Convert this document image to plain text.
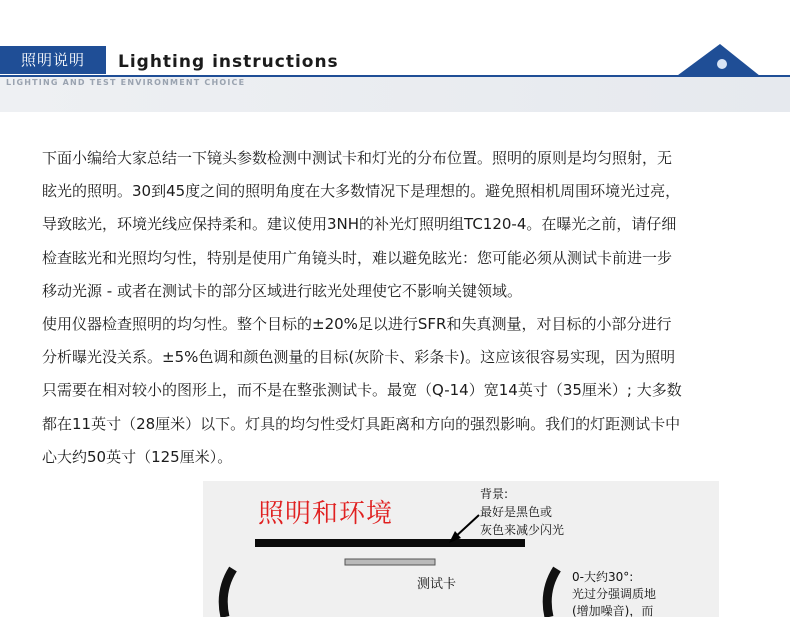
照明说明	Lighting instructions
LIGHTING AND TEST ENVIRONMENT CHOICE

下面小编给大家总结一下镜头参数检测中测试卡和灯光的分布位置。照明的原则是均匀照射，无
眩光的照明。30到45度之间的照明角度在大多数情况下是理想的。避免照相机周围环境光过亮，
导致眩光，环境光线应保持柔和。建议使用3NH的补光灯照明组TC120-4。在曝光之前，请仔细
检查眩光和光照均匀性，特别是使用广角镜头时，难以避免眩光：您可能必须从测试卡前进一步
移动光源 - 或者在测试卡的部分区域进行眩光处理使它不影响关键领域。

使用仪器检查照明的均匀性。整个目标的±20%足以进行SFR和失真测量，对目标的小部分进行
分析曝光没关系。±5%色调和颜色测量的目标(灰阶卡、彩条卡)。这应该很容易实现，因为照明
只需要在相对较小的图形上，而不是在整张测试卡。最宽（Q-14）宽14英寸（35厘米）; 大多数
都在11英寸（28厘米）以下。灯具的均匀性受灯具距离和方向的强烈影响。我们的灯距测试卡中
心大约50英寸（125厘米）。

照明和环境
背景:
最好是黑色或
灰色来减少闪光
测试卡	0-大约30°:
光过分强调质地
(增加噪音)，而
